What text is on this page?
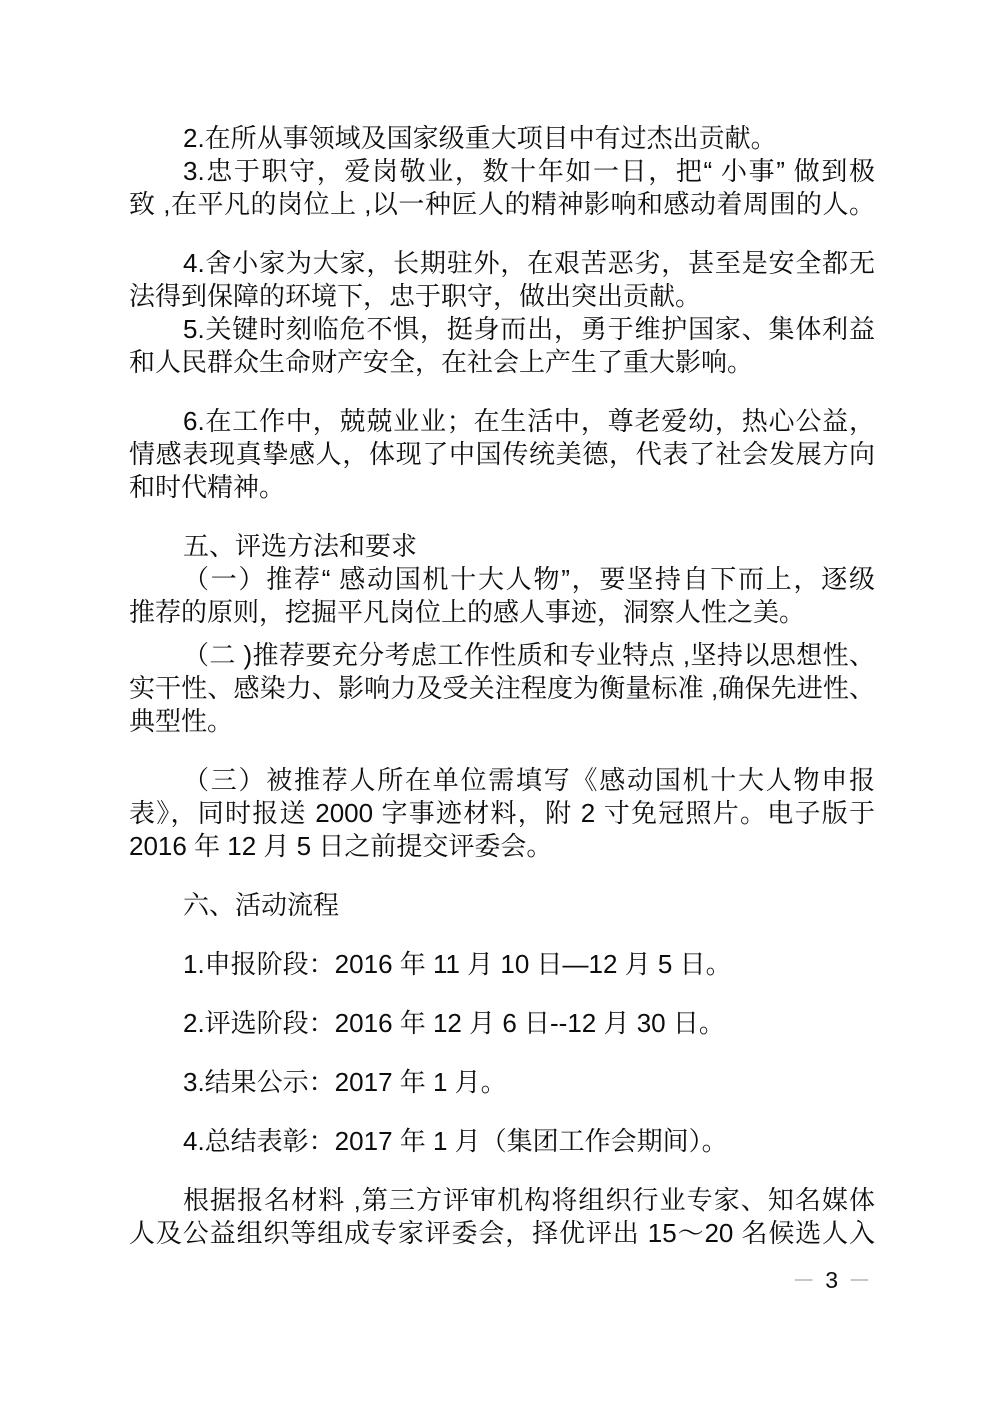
2.在所从事领域及国家级重大项目中有过杰出贡献。

3.忠于职守，爱岗敬业，数十年如一日，把“ 小事” 做到极
致 ,在平凡的岗位上 ,以一种匠人的精神影响和感动着周围的人。

4.舍小家为大家，长期驻外，在艰苦恶劣，甚至是安全都无
法得到保障的环境下，忠于职守，做出突出贡献。

5.关键时刻临危不惧，挺身而出，勇于维护国家、集体利益
和人民群众生命财产安全，在社会上产生了重大影响。

6.在工作中，兢兢业业；在生活中，尊老爱幼，热心公益，
情感表现真挚感人，体现了中国传统美德，代表了社会发展方向
和时代精神。

五、评选方法和要求

（一）推荐“ 感动国机十大人物”，要坚持自下而上，逐级
推荐的原则，挖掘平凡岗位上的感人事迹，洞察人性之美。

（二 )推荐要充分考虑工作性质和专业特点 ,坚持以思想性、
实干性、感染力、影响力及受关注程度为衡量标准 ,确保先进性、
典型性。

（三）被推荐人所在单位需填写《感动国机十大人物申报
表》，同时报送 2000 字事迹材料，附 2 寸免冠照片。电子版于
2016 年 12 月 5 日之前提交评委会。

六、活动流程

1.申报阶段：2016 年 11 月 10 日—12 月 5 日。

2.评选阶段：2016 年 12 月 6 日--12 月 30 日。

3.结果公示：2017 年 1 月。

4.总结表彰：2017 年 1 月（集团工作会期间）。

根据报名材料 ,第三方评审机构将组织行业专家、知名媒体
人及公益组织等组成专家评委会，择优评出 15～20 名候选人入

－ 3 －
